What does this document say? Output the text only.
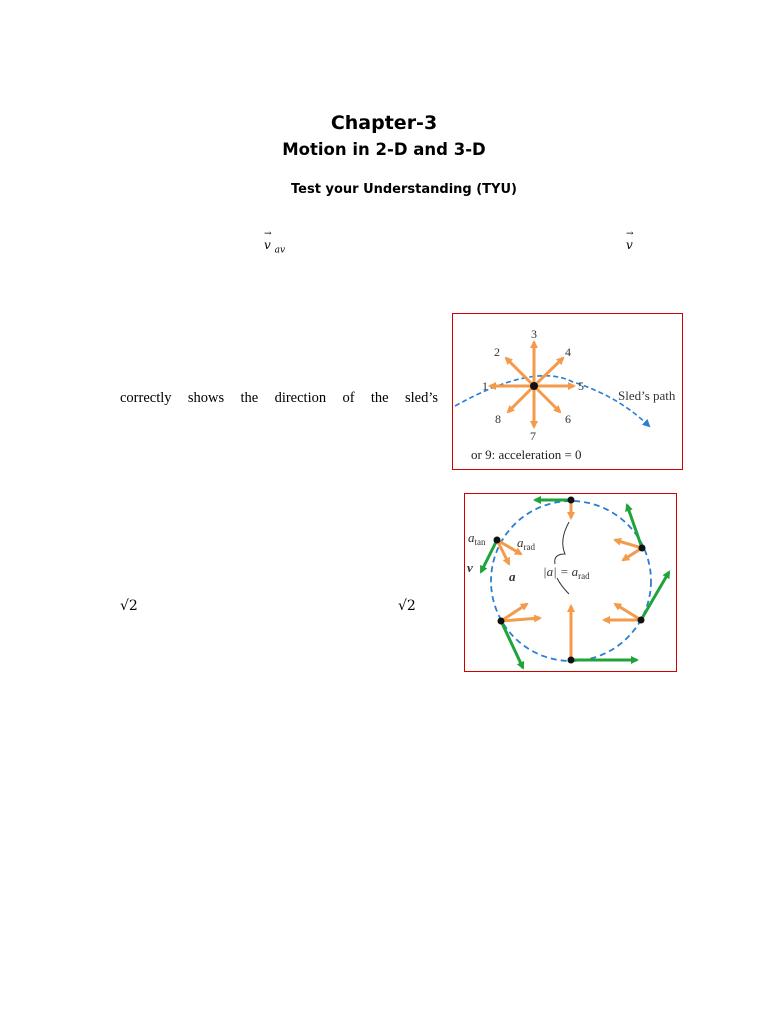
Chapter-3
Motion in 2-D and 3-D
Test your Understanding (TYU)
→
v $_{av}$
→
v
correctly shows the direction of the sled’s
√2	√2
3
2	4
1	5
8	6
7
Sled’s path
or 9: acceleration = 0
$a_{tan}$ $a_{rad}$
v
a $|a| = a_{rad}$
